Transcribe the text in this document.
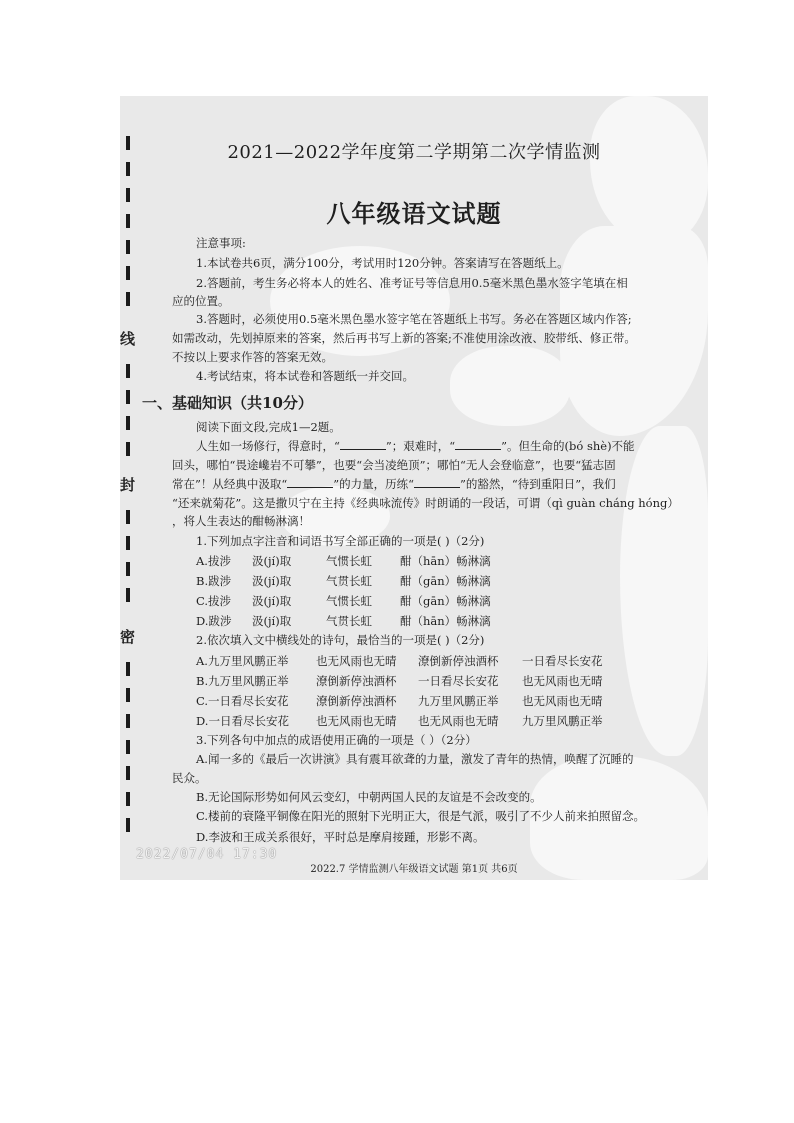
线
封
密
2021—2022学年度第二学期第二次学情监测
八年级语文试题
注意事项:
1.本试卷共6页，满分100分，考试用时120分钟。答案请写在答题纸上。
2.答题前，考生务必将本人的姓名、准考证号等信息用0.5毫米黑色墨水签字笔填在相
应的位置。
3.答题时，必须使用0.5毫米黑色墨水签字笔在答题纸上书写。务必在答题区域内作答;
如需改动，先划掉原来的答案，然后再书写上新的答案;不准使用涂改液、胶带纸、修正带。
不按以上要求作答的答案无效。
4.考试结束，将本试卷和答题纸一并交回。
一、基础知识（共10分）
阅读下面文段,完成1—2题。
人生如一场修行，得意时，“	”；艰难时，“	”。但生命的(bó shè)不能
回头，哪怕“畏途巉岩不可攀”，也要“会当凌绝顶”；哪怕“无人会登临意”，也要“猛志固
常在”！从经典中汲取“	”的力量，历练“	”的豁然，“待到重阳日”，我们
“还来就菊花”。这是撒贝宁在主持《经典咏流传》时朗诵的一段话，可谓（qì guàn cháng hóng）
，将人生表达的酣畅淋漓！
1.下列加点字注音和词语书写全部正确的一项是( )（2分)
A.拔涉 汲(jí)取	气惯长虹 酣（hān）畅淋漓
B.跋涉 汲(jí)取	气贯长虹 酣（gān）畅淋漓
C.拔涉 汲(jí)取	气惯长虹 酣（gān）畅淋漓
D.跋涉 汲(jí)取	气贯长虹 酣（hān）畅淋漓
2.依次填入文中横线处的诗句，最恰当的一项是( )（2分)
A.九万里风鹏正举 也无风雨也无晴 潦倒新停浊酒杯 一日看尽长安花
B.九万里风鹏正举 潦倒新停浊酒杯 一日看尽长安花 也无风雨也无晴
C.一日看尽长安花 潦倒新停浊酒杯 九万里风鹏正举 也无风雨也无晴
D.一日看尽长安花 也无风雨也无晴 也无风雨也无晴 九万里风鹏正举
3.下列各句中加点的成语使用正确的一项是（ ）（2分）
A.闻一多的《最后一次讲演》具有震耳欲聋的力量，激发了青年的热情，唤醒了沉睡的
民众。
B.无论国际形势如何风云变幻，中朝两国人民的友谊是不会改变的。
C.楼前的衰隆平铜像在阳光的照射下光明正大，很是气派，吸引了不少人前来拍照留念。
D.李波和王成关系很好，平时总是摩肩接踵，形影不离。
2022/07/04 17:30
2022.7 学情监测八年级语文试题 第1页 共6页
